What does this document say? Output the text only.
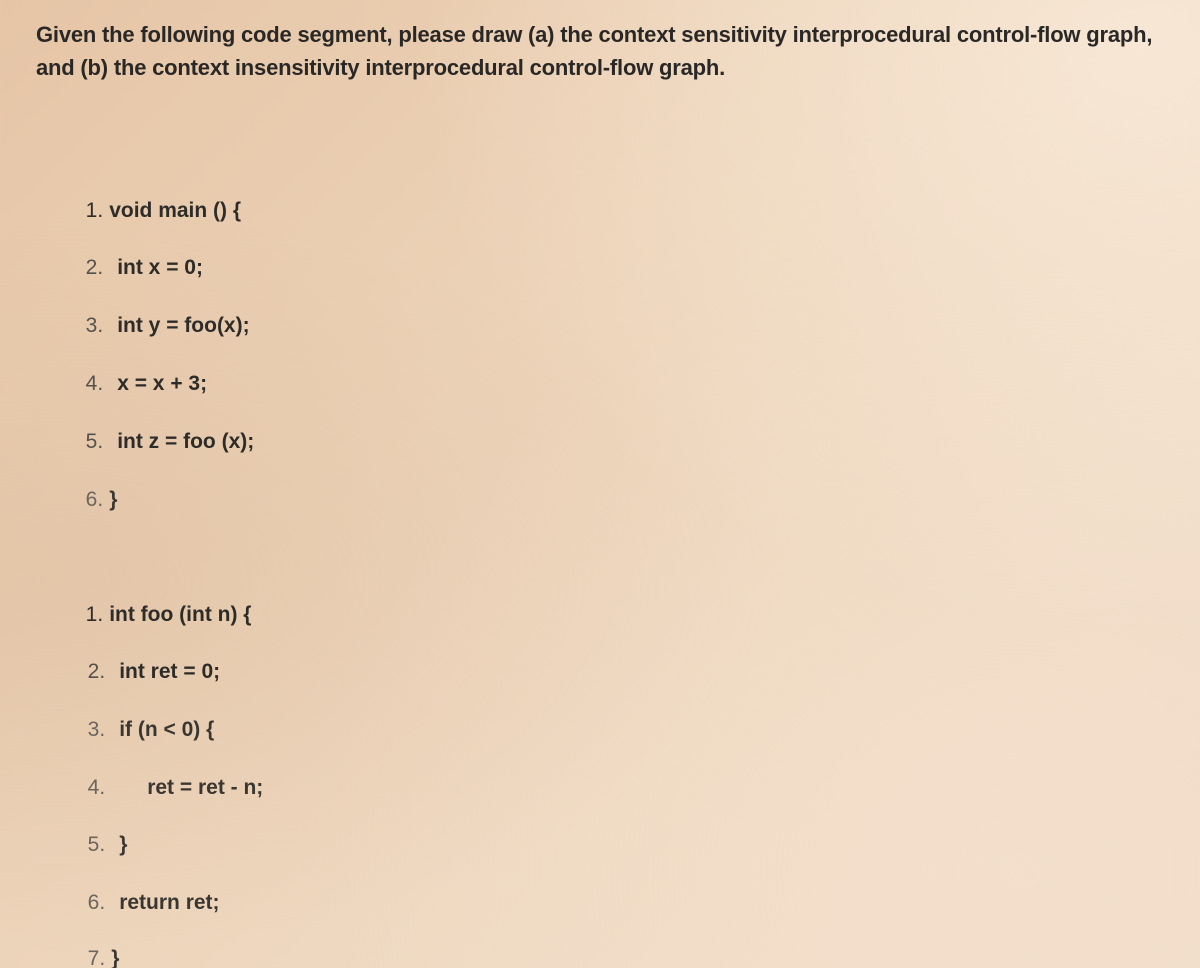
Given the following code segment, please draw (a) the context sensitivity interprocedural control-flow graph, and (b) the context insensitivity interprocedural control-flow graph.

1. void main () {

2. int x = 0;

3. int y = foo(x);

4. x = x + 3;

5. int z = foo (x);

6. }

1. int foo (int n) {

2. int ret = 0;

3. if (n < 0) {

4. ret = ret - n;

5. }

6. return ret;

7. }
